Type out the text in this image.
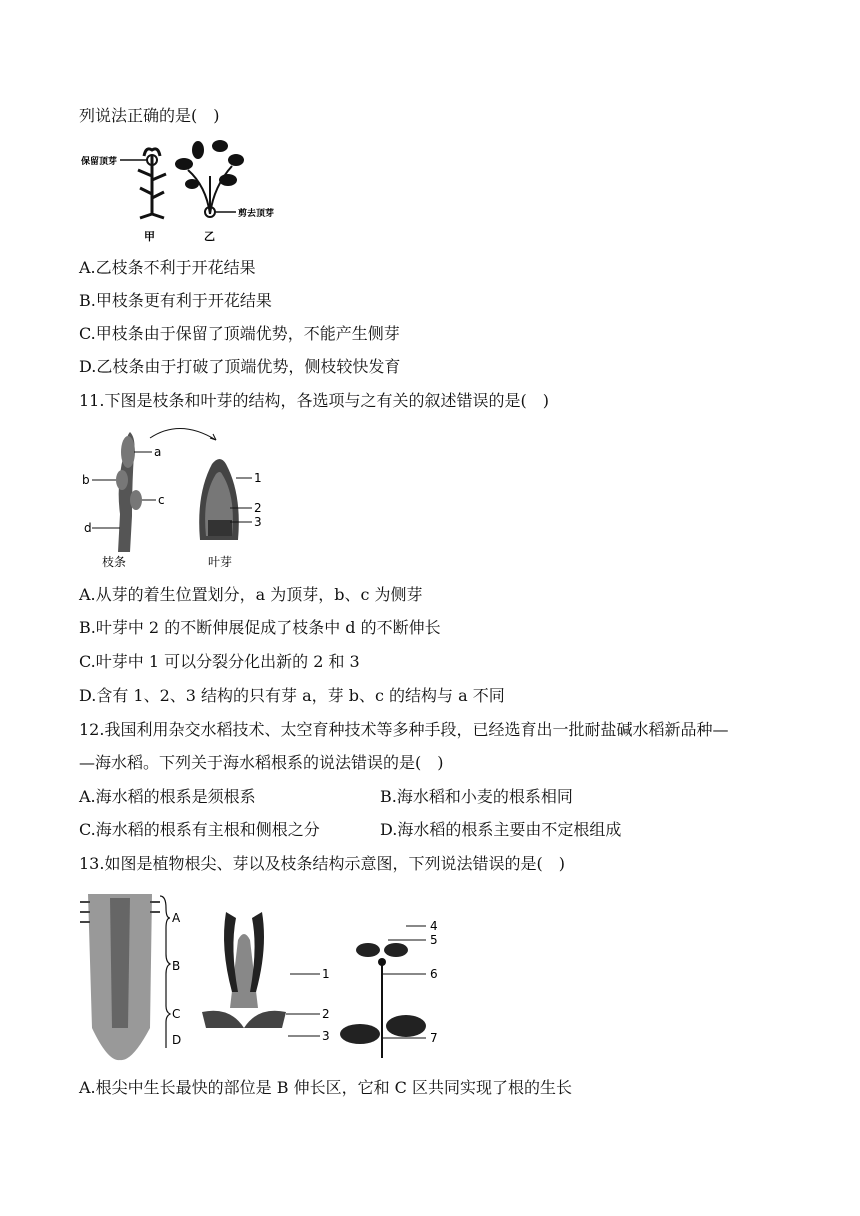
列说法正确的是(　)
保留顶芽
剪去顶芽
甲	乙
A.乙枝条不利于开花结果
B.甲枝条更有利于开花结果
C.甲枝条由于保留了顶端优势，不能产生侧芽
D.乙枝条由于打破了顶端优势，侧枝较快发育
11.下图是枝条和叶芽的结构，各选项与之有关的叙述错误的是(　)
a
b
c
d
1
2
3
枝条	叶芽
A.从芽的着生位置划分，a 为顶芽，b、c 为侧芽
B.叶芽中 2 的不断伸展促成了枝条中 d 的不断伸长
C.叶芽中 1 可以分裂分化出新的 2 和 3
D.含有 1、2、3 结构的只有芽 a，芽 b、c 的结构与 a 不同
12.我国利用杂交水稻技术、太空育种技术等多种手段，已经选育出一批耐盐碱水稻新品种—
—海水稻。下列关于海水稻根系的说法错误的是(　)
A.海水稻的根系是须根系	B.海水稻和小麦的根系相同
C.海水稻的根系有主根和侧根之分	D.海水稻的根系主要由不定根组成
13.如图是植物根尖、芽以及枝条结构示意图，下列说法错误的是(　)
A
B
C
D
1
2
3
4
5
6
7
A.根尖中生长最快的部位是 B 伸长区，它和 C 区共同实现了根的生长
